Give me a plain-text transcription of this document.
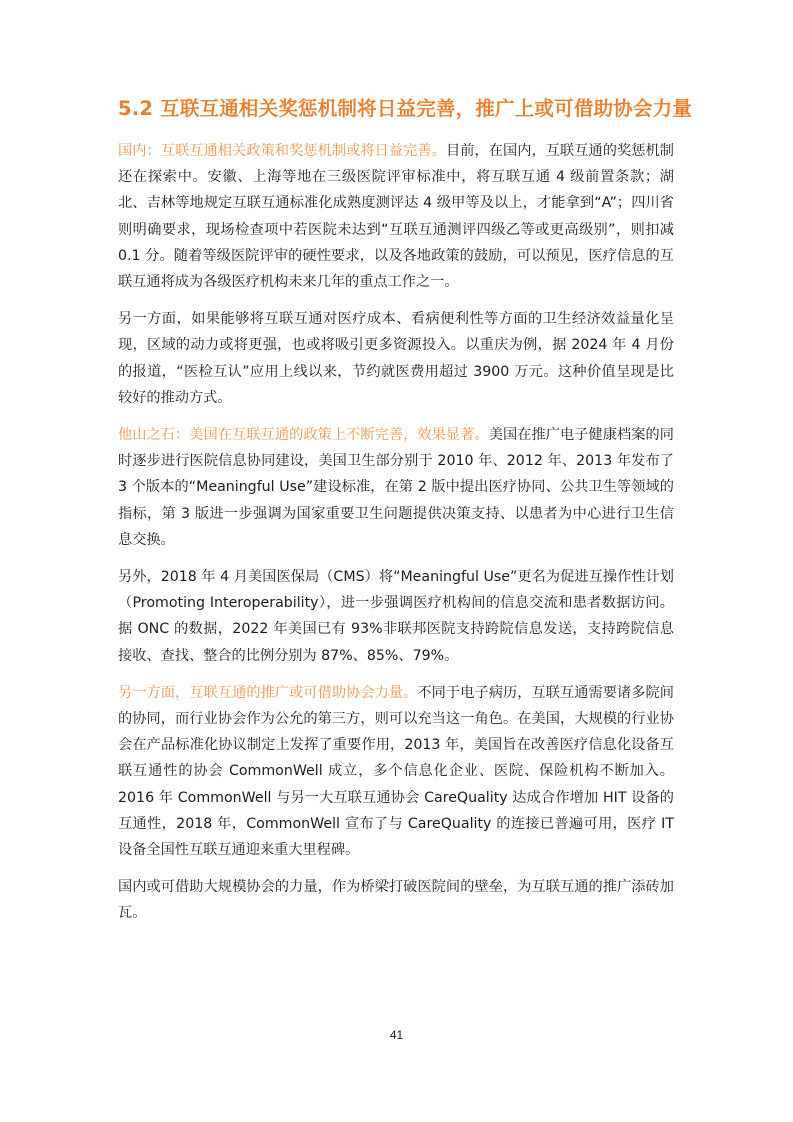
5.2 互联互通相关奖惩机制将日益完善，推广上或可借助协会力量

国内：互联互通相关政策和奖惩机制或将日益完善。目前，在国内，互联互通的奖惩机制还在探索中。安徽、上海等地在三级医院评审标准中，将互联互通 4 级前置条款；湖北、吉林等地规定互联互通标准化成熟度测评达 4 级甲等及以上，才能拿到“A”；四川省则明确要求，现场检查项中若医院未达到“互联互通测评四级乙等或更高级别”，则扣减 0.1 分。随着等级医院评审的硬性要求，以及各地政策的鼓励，可以预见，医疗信息的互联互通将成为各级医疗机构未来几年的重点工作之一。

另一方面，如果能够将互联互通对医疗成本、看病便利性等方面的卫生经济效益量化呈现，区域的动力或将更强，也或将吸引更多资源投入。以重庆为例，据 2024 年 4 月份的报道，“医检互认”应用上线以来，节约就医费用超过 3900 万元。这种价值呈现是比较好的推动方式。

他山之石：美国在互联互通的政策上不断完善，效果显著。美国在推广电子健康档案的同时逐步进行医院信息协同建设，美国卫生部分别于 2010 年、2012 年、2013 年发布了 3 个版本的“Meaningful Use”建设标准，在第 2 版中提出医疗协同、公共卫生等领域的指标，第 3 版进一步强调为国家重要卫生问题提供决策支持、以患者为中心进行卫生信息交换。

另外，2018 年 4 月美国医保局（CMS）将“Meaningful Use”更名为促进互操作性计划（Promoting Interoperability），进一步强调医疗机构间的信息交流和患者数据访问。据 ONC 的数据，2022 年美国已有 93%非联邦医院支持跨院信息发送，支持跨院信息接收、查找、整合的比例分别为 87%、85%、79%。

另一方面，互联互通的推广或可借助协会力量。不同于电子病历，互联互通需要诸多院间的协同，而行业协会作为公允的第三方，则可以充当这一角色。在美国，大规模的行业协会在产品标准化协议制定上发挥了重要作用，2013 年，美国旨在改善医疗信息化设备互联互通性的协会 CommonWell 成立，多个信息化企业、医院、保险机构不断加入。2016 年 CommonWell 与另一大互联互通协会 CareQuality 达成合作增加 HIT 设备的互通性，2018 年，CommonWell 宣布了与 CareQuality 的连接已普遍可用，医疗 IT 设备全国性互联互通迎来重大里程碑。

国内或可借助大规模协会的力量，作为桥梁打破医院间的壁垒，为互联互通的推广添砖加瓦。

41
